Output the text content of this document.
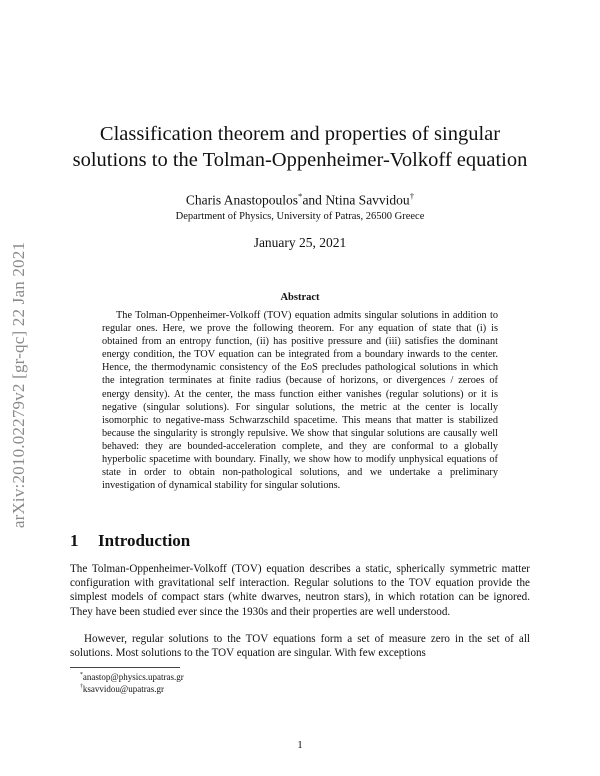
arXiv:2010.02279v2 [gr-qc] 22 Jan 2021
Classification theorem and properties of singular
solutions to the Tolman-Oppenheimer-Volkoff equation
Charis Anastopoulos*and Ntina Savvidou†
Department of Physics, University of Patras, 26500 Greece
January 25, 2021
Abstract

The Tolman-Oppenheimer-Volkoff (TOV) equation admits singular solutions in addition to regular ones. Here, we prove the following theorem. For any equation of state that (i) is obtained from an entropy function, (ii) has positive pressure and (iii) satisfies the dominant energy condition, the TOV equation can be integrated from a boundary inwards to the center. Hence, the thermodynamic consistency of the EoS precludes pathological solutions in which the integration terminates at finite radius (because of horizons, or divergences / zeroes of energy density). At the center, the mass function either vanishes (regular solutions) or it is negative (singular solutions). For singular solutions, the metric at the center is locally isomorphic to negative-mass Schwarzschild spacetime. This means that matter is stabilized because the singularity is strongly repulsive. We show that singular solutions are causally well behaved: they are bounded-acceleration complete, and they are conformal to a globally hyperbolic spacetime with boundary. Finally, we show how to modify unphysical equations of state in order to obtain non-pathological solutions, and we undertake a preliminary investigation of dynamical stability for singular solutions.

1 Introduction

The Tolman-Oppenheimer-Volkoff (TOV) equation describes a static, spherically symmetric matter configuration with gravitational self interaction. Regular solutions to the TOV equation provide the simplest models of compact stars (white dwarves, neutron stars), in which rotation can be ignored. They have been studied ever since the 1930s and their properties are well understood.

However, regular solutions to the TOV equations form a set of measure zero in the set of all solutions. Most solutions to the TOV equation are singular. With few exceptions

*anastop@physics.upatras.gr
†ksavvidou@upatras.gr
1
